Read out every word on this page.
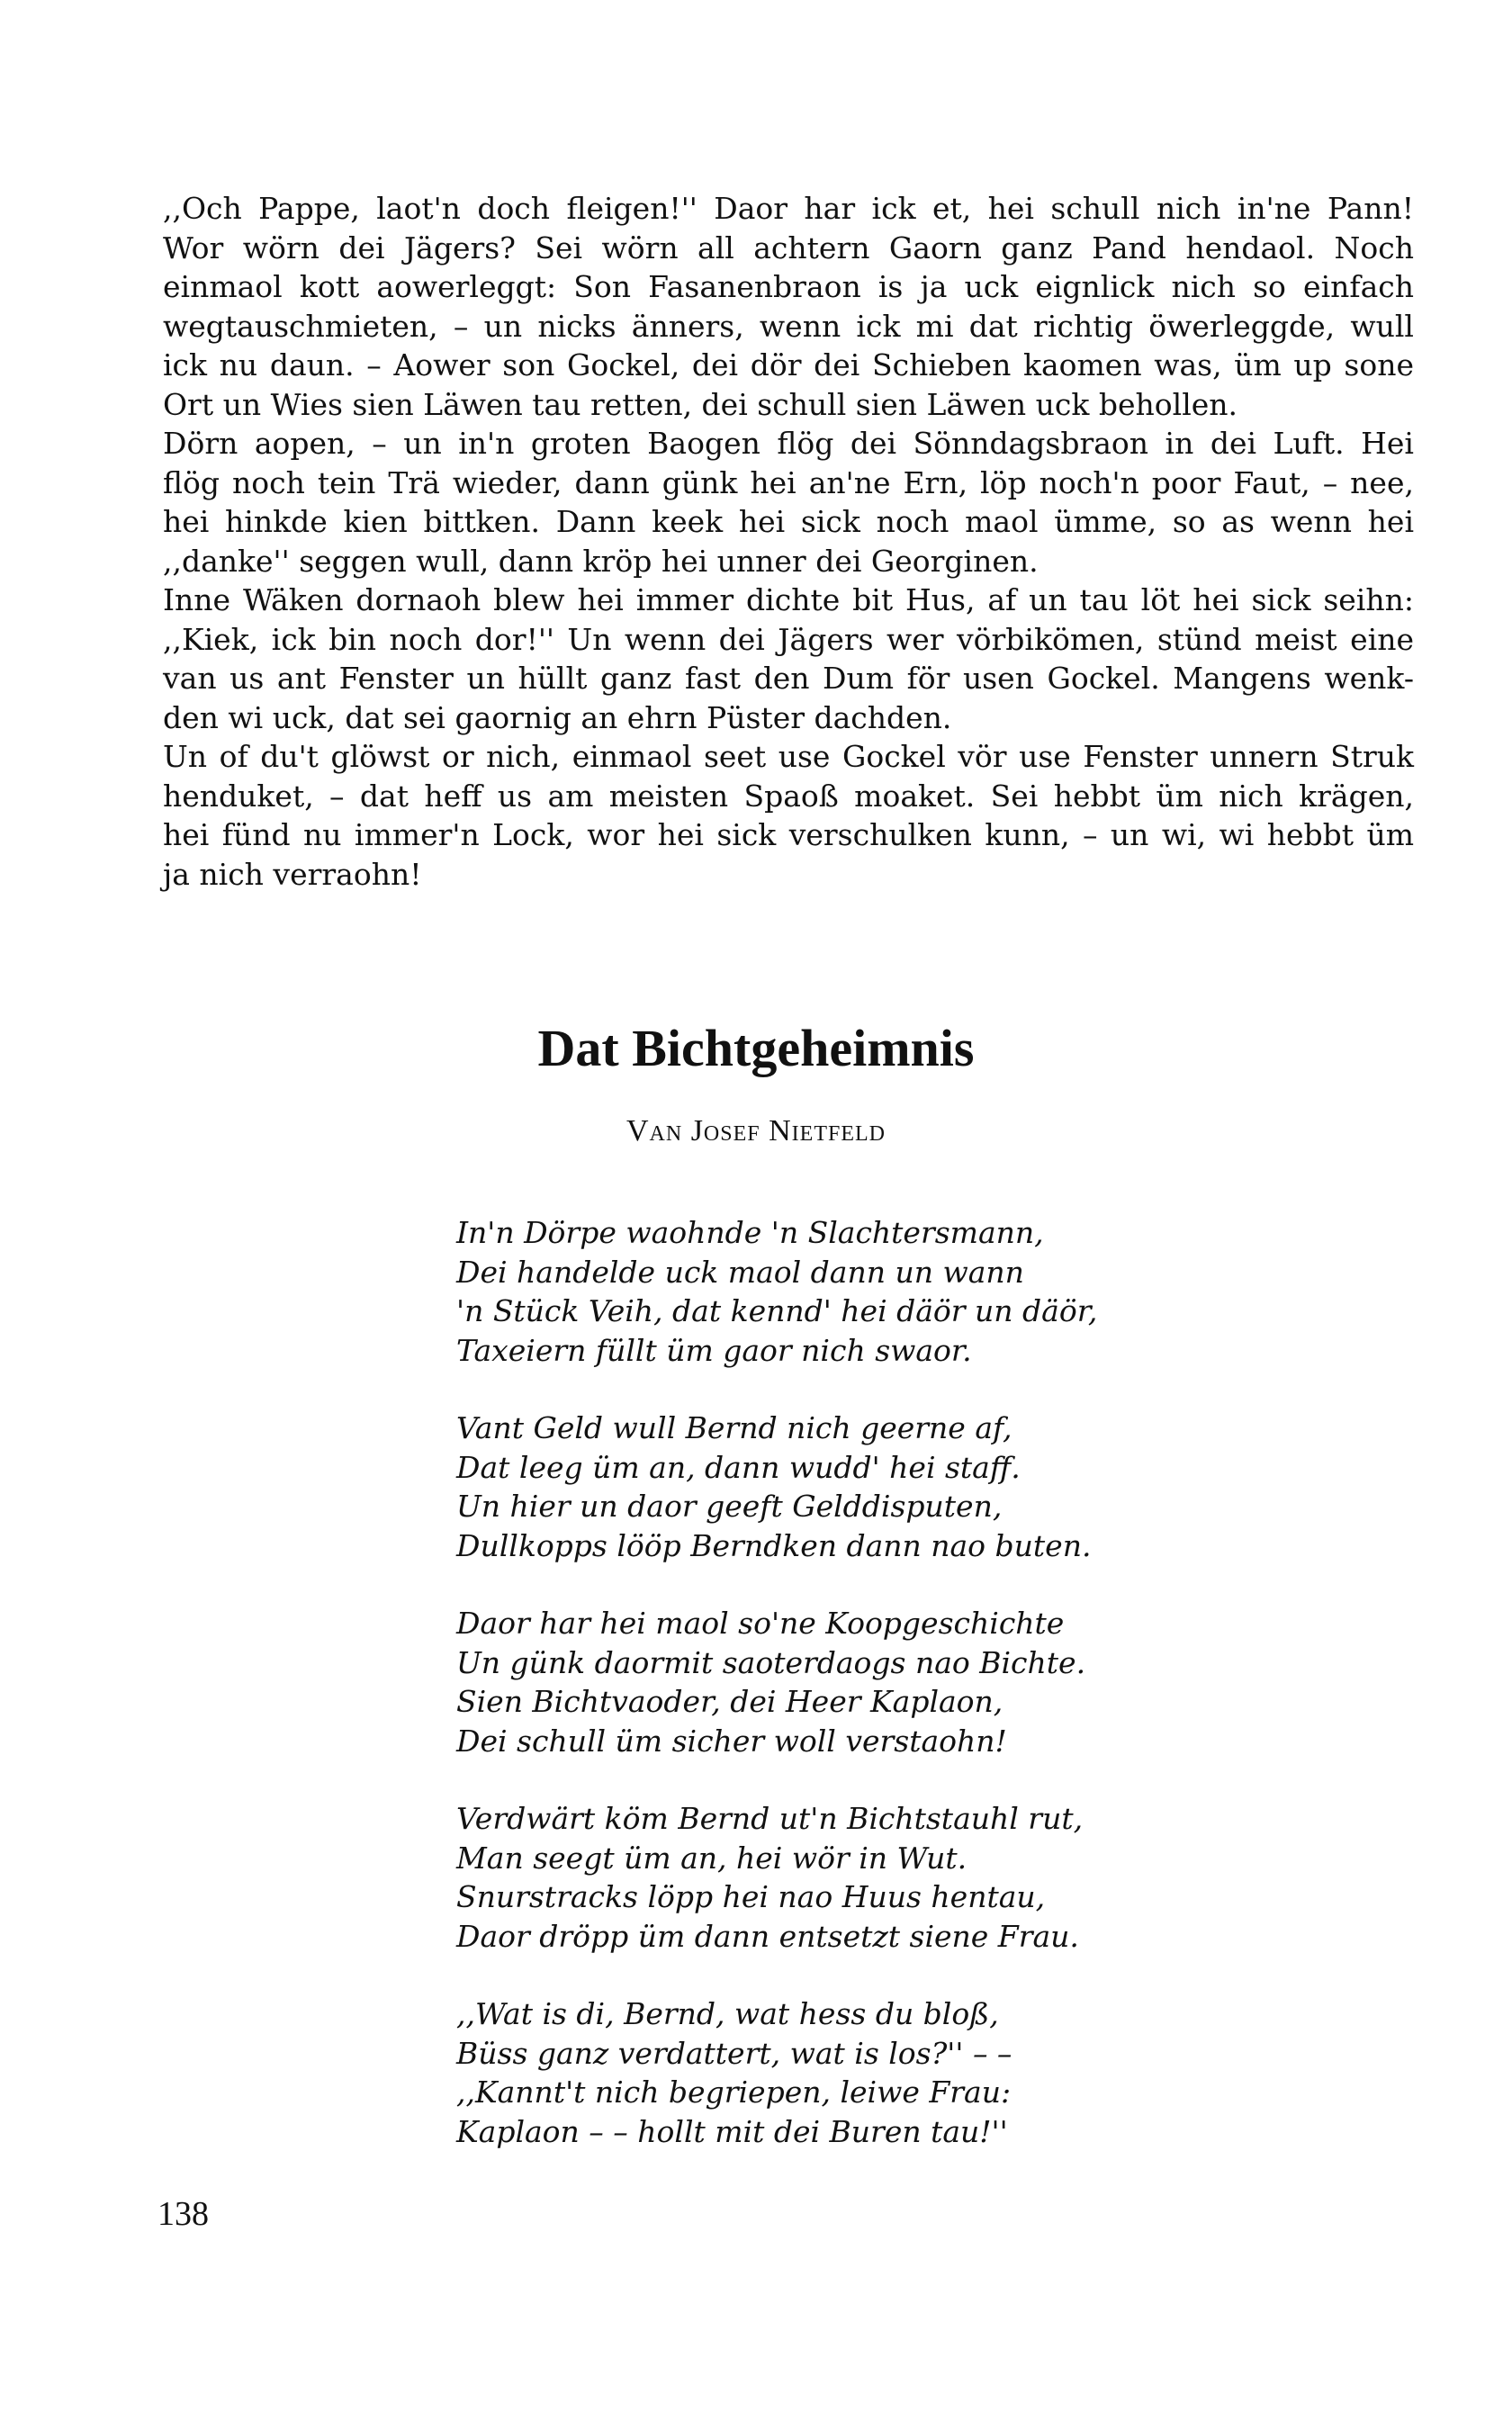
,,Och Pappe, laot'n doch fleigen!'' Daor har ick et, hei schull nich in'ne Pann!
Wor wörn dei Jägers? Sei wörn all achtern Gaorn ganz Pand hendaol. Noch
einmaol kott aowerleggt: Son Fasanenbraon is ja uck eignlick nich so einfach
wegtauschmieten, – un nicks änners, wenn ick mi dat richtig öwerleggde, wull
ick nu daun. – Aower son Gockel, dei dör dei Schieben kaomen was, üm up sone
Ort un Wies sien Läwen tau retten, dei schull sien Läwen uck behollen.
Dörn aopen, – un in'n groten Baogen flög dei Sönndagsbraon in dei Luft. Hei
flög noch tein Trä wieder, dann günk hei an'ne Ern, löp noch'n poor Faut, – nee,
hei hinkde kien bittken. Dann keek hei sick noch maol ümme, so as wenn hei
,,danke'' seggen wull, dann kröp hei unner dei Georginen.
Inne Wäken dornaoh blew hei immer dichte bit Hus, af un tau löt hei sick seihn:
,,Kiek, ick bin noch dor!'' Un wenn dei Jägers wer vörbikömen, stünd meist eine
van us ant Fenster un hüllt ganz fast den Dum för usen Gockel. Mangens wenk-
den wi uck, dat sei gaornig an ehrn Püster dachden.
Un of du't glöwst or nich, einmaol seet use Gockel vör use Fenster unnern Struk
henduket, – dat heff us am meisten Spaoß moaket. Sei hebbt üm nich krägen,
hei fünd nu immer'n Lock, wor hei sick verschulken kunn, – un wi, wi hebbt üm
ja nich verraohn!
Dat Bichtgeheimnis
Van Josef Nietfeld
In'n Dörpe waohnde 'n Slachtersmann,
Dei handelde uck maol dann un wann
'n Stück Veih, dat kennd' hei däör un däör,
Taxeiern füllt üm gaor nich swaor.
Vant Geld wull Bernd nich geerne af,
Dat leeg üm an, dann wudd' hei staff.
Un hier un daor geeft Gelddisputen,
Dullkopps lööp Berndken dann nao buten.
Daor har hei maol so'ne Koopgeschichte
Un günk daormit saoterdaogs nao Bichte.
Sien Bichtvaoder, dei Heer Kaplaon,
Dei schull üm sicher woll verstaohn!
Verdwärt köm Bernd ut'n Bichtstauhl rut,
Man seegt üm an, hei wör in Wut.
Snurstracks löpp hei nao Huus hentau,
Daor dröpp üm dann entsetzt siene Frau.
,,Wat is di, Bernd, wat hess du bloß,
Büss ganz verdattert, wat is los?'' – –
,,Kannt't nich begriepen, leiwe Frau:
Kaplaon – – hollt mit dei Buren tau!''
138
